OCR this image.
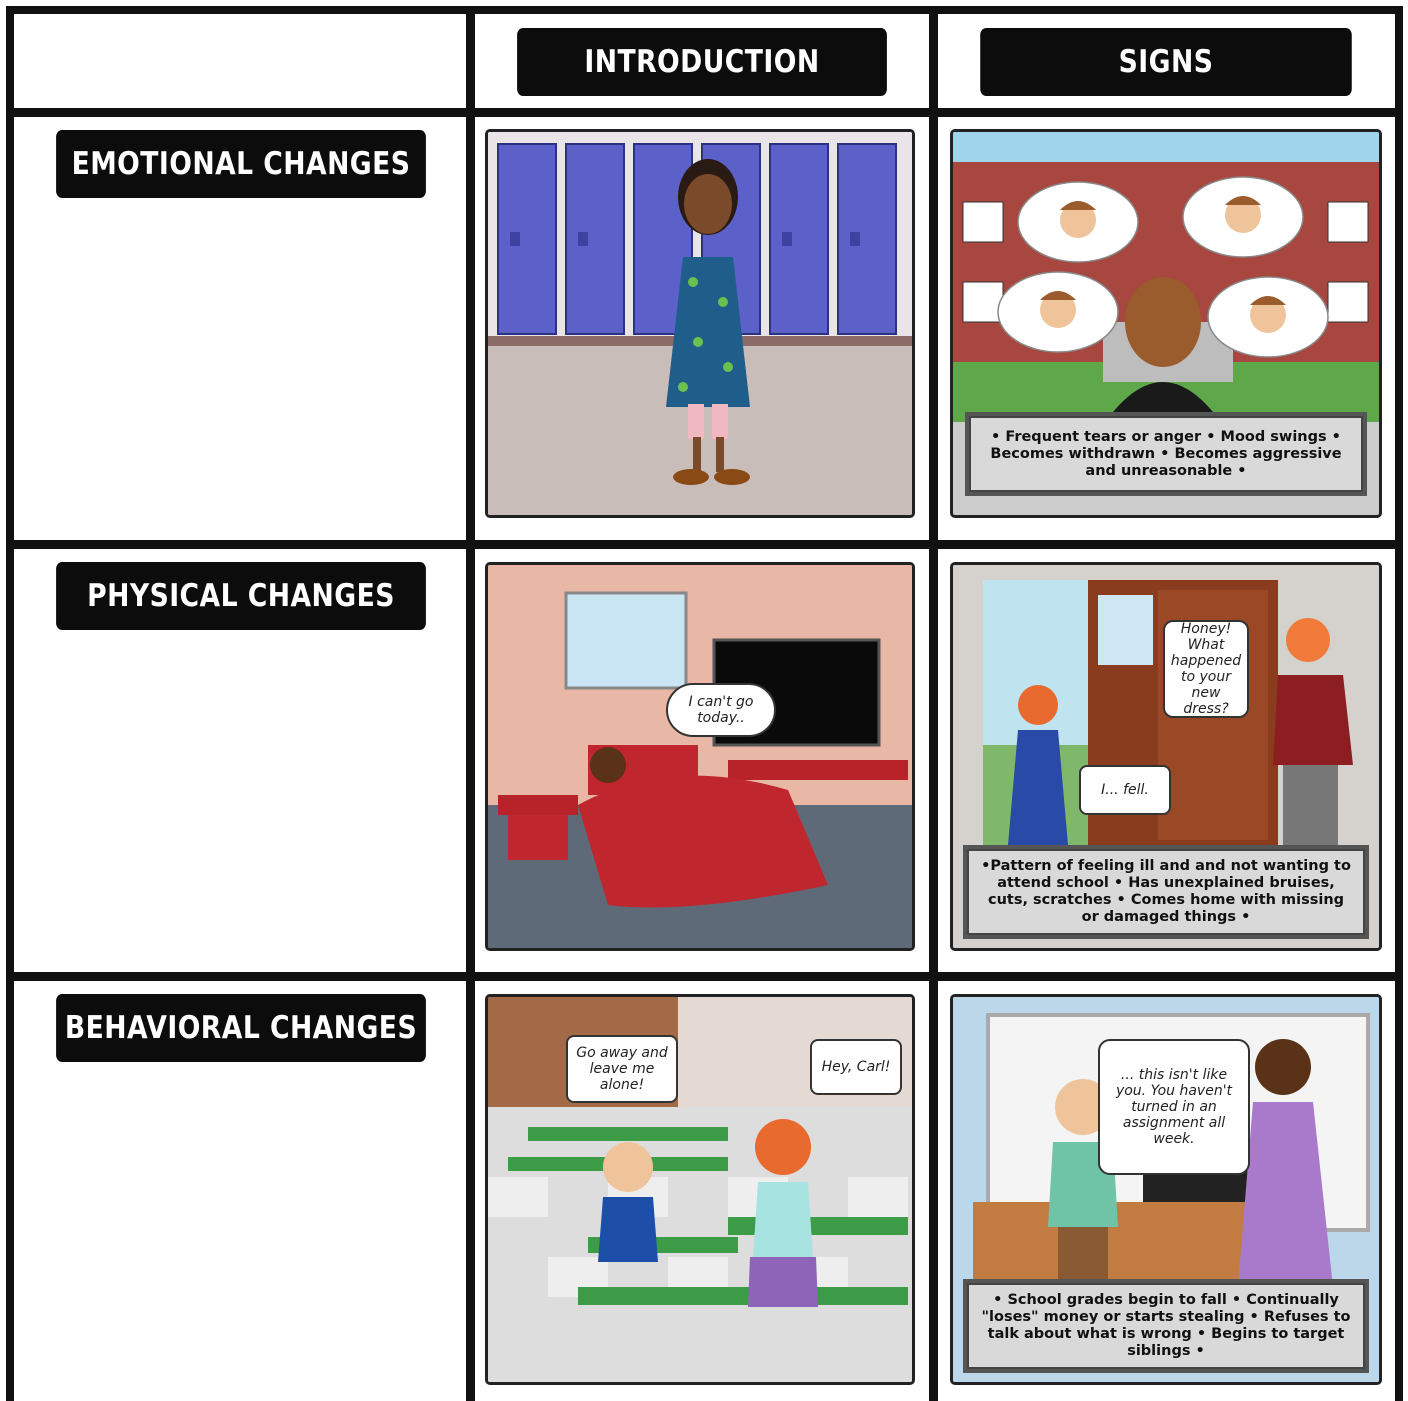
INTRODUCTION	SIGNS
EMOTIONAL CHANGES
• Frequent tears or anger • Mood swings • Becomes withdrawn • Becomes aggressive and unreasonable •
PHYSICAL CHANGES
I can't go today..
Honey! What happened to your new dress?
I... fell.
•Pattern of feeling ill and and not wanting to attend school • Has unexplained bruises, cuts, scratches • Comes home with missing or damaged things •
BEHAVIORAL CHANGES
Go away and leave me alone!
Hey, Carl!	... this isn't like you. You haven't turned in an assignment all week.
• School grades begin to fall • Continually "loses" money or starts stealing • Refuses to talk about what is wrong • Begins to target siblings •
